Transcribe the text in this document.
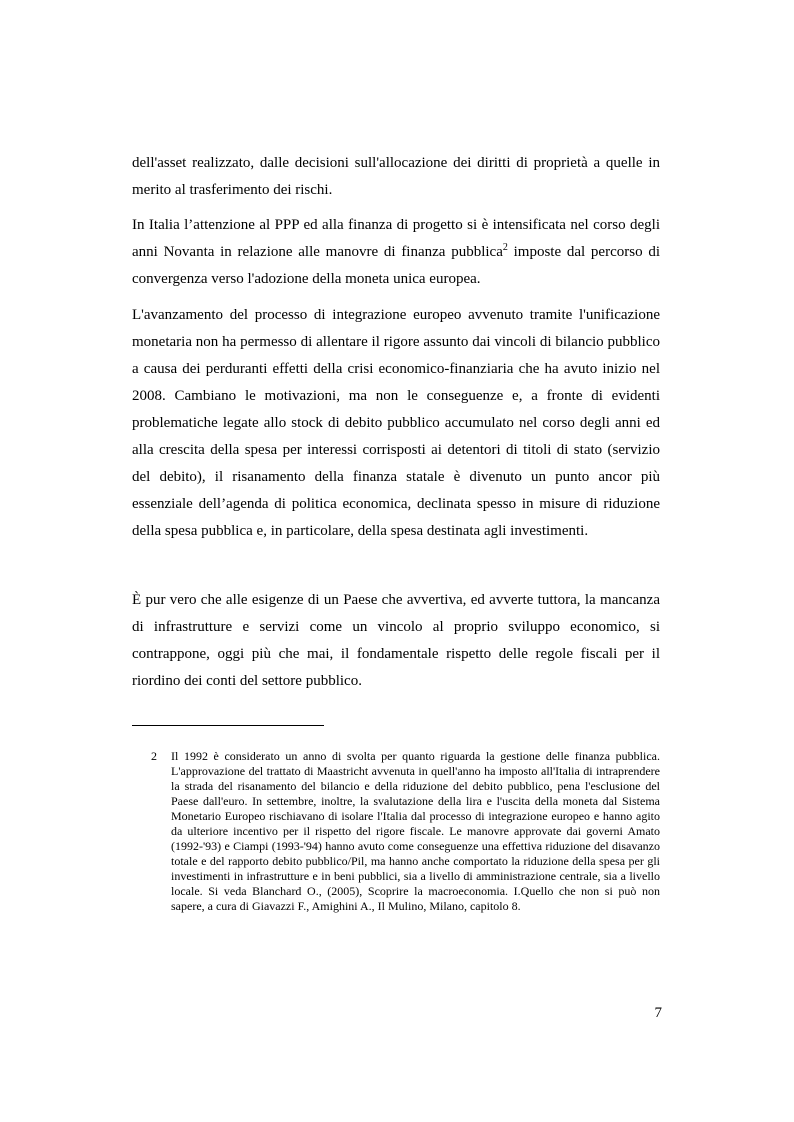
dell'asset realizzato, dalle decisioni sull'allocazione dei diritti di proprietà a quelle in merito al trasferimento dei rischi.

In Italia l’attenzione al PPP ed alla finanza di progetto si è intensificata nel corso degli anni Novanta in relazione alle manovre di finanza pubblica$^2$ imposte dal percorso di convergenza verso l'adozione della moneta unica europea.

L'avanzamento del processo di integrazione europeo avvenuto tramite l'unificazione monetaria non ha permesso di allentare il rigore assunto dai vincoli di bilancio pubblico a causa dei perduranti effetti della crisi economico-finanziaria che ha avuto inizio nel 2008. Cambiano le motivazioni, ma non le conseguenze e, a fronte di evidenti problematiche legate allo stock di debito pubblico accumulato nel corso degli anni ed alla crescita della spesa per interessi corrisposti ai detentori di titoli di stato (servizio del debito), il risanamento della finanza statale è divenuto un punto ancor più essenziale dell’agenda di politica economica, declinata spesso in misure di riduzione della spesa pubblica e, in particolare, della spesa destinata agli investimenti.

È pur vero che alle esigenze di un Paese che avvertiva, ed avverte tuttora, la mancanza di infrastrutture e servizi come un vincolo al proprio sviluppo economico, si contrappone, oggi più che mai, il fondamentale rispetto delle regole fiscali per il riordino dei conti del settore pubblico.

2 Il 1992 è considerato un anno di svolta per quanto riguarda la gestione delle finanza pubblica. L'approvazione del trattato di Maastricht avvenuta in quell'anno ha imposto all'Italia di intraprendere la strada del risanamento del bilancio e della riduzione del debito pubblico, pena l'esclusione del Paese dall'euro. In settembre, inoltre, la svalutazione della lira e l'uscita della moneta dal Sistema Monetario Europeo rischiavano di isolare l'Italia dal processo di integrazione europeo e hanno agito da ulteriore incentivo per il rispetto del rigore fiscale. Le manovre approvate dai governi Amato (1992-'93) e Ciampi (1993-'94) hanno avuto come conseguenze una effettiva riduzione del disavanzo totale e del rapporto debito pubblico/Pil, ma hanno anche comportato la riduzione della spesa per gli investimenti in infrastrutture e in beni pubblici, sia a livello di amministrazione centrale, sia a livello locale. Si veda Blanchard O., (2005), Scoprire la macroeconomia. I.Quello che non si può non sapere, a cura di Giavazzi F., Amighini A., Il Mulino, Milano, capitolo 8.
7
